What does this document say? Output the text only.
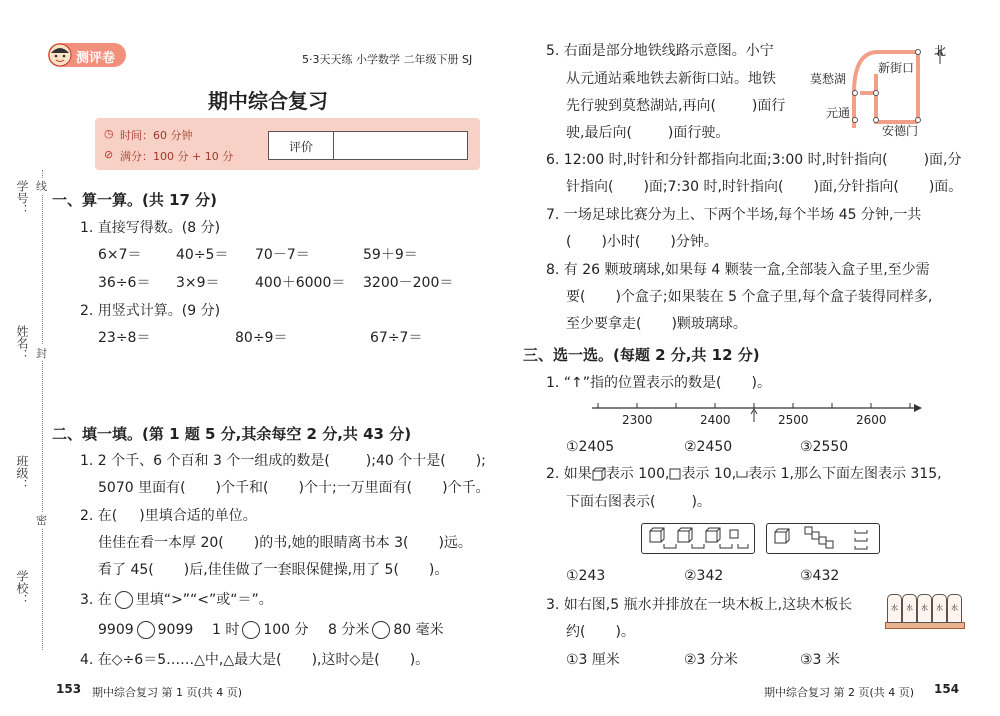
学号：
姓名：
班级：
学校：
线
封
密
测评卷	5·3天天练 小学数学 二年级下册 SJ
期中综合复习
◷ 时间：60 分钟
⊘ 满分：100 分 + 10 分
评价
一、算一算。(共 17 分)
1. 直接写得数。(8 分)
6×7＝ 40÷5＝ 70－7＝	59＋9＝
36÷6＝ 3×9＝	400＋6000＝ 3200－200＝
2. 用竖式计算。(9 分)
23÷8＝	80÷9＝	67÷7＝
二、填一填。(第 1 题 5 分,其余每空 2 分,共 43 分)
1. 2 个千、6 个百和 3 个一组成的数是(	);40 个十是( );
5070 里面有( )个千和( )个十;一万里面有( )个千。
2. 在( )里填合适的单位。
佳佳在看一本厚 20( )的书,她的眼睛离书本 3( )远。
看了 45( )后,佳佳做了一套眼保健操,用了 5( )。
3. 在 里填“>”“<”或“＝”。
9909 9099 1 时 100 分 8 分米 80 毫米
4. 在◇÷6＝5……△中,△最大是( ),这时◇是( )。
153 期中综合复习 第 1 页(共 4 页)
5. 右面是部分地铁线路示意图。小宁
从元通站乘地铁去新街口站。地铁
先行驶到莫愁湖站,再向(	)面行
驶,最后向(	)面行驶。
北
新街口
莫愁湖
元通
安德门
6. 12:00 时,时针和分针都指向北面;3:00 时,时针指向(	)面,分
针指向( )面;7:30 时,时针指向( )面,分针指向( )面。
7. 一场足球比赛分为上、下两个半场,每个半场 45 分钟,一共
( )小时( )分钟。
8. 有 26 颗玻璃球,如果每 4 颗装一盒,全部装入盒子里,至少需
要( )个盒子;如果装在 5 个盒子里,每个盒子装得同样多,
至少要拿走( )颗玻璃球。
三、选一选。(每题 2 分,共 12 分)
1. “↑”指的位置表示的数是( )。
2300	2400	2500	2600
①2405	②2450	③2550
2. 如果 表示 100, 表示 10, 表示 1,那么下面左图表示 315,
下面右图表示(	)。
①243	②342	③432
3. 如右图,5 瓶水并排放在一块木板上,这块木板长
约( )。
水	水	水	水	水
①3 厘米	②3 分米	③3 米
期中综合复习 第 2 页(共 4 页) 154
